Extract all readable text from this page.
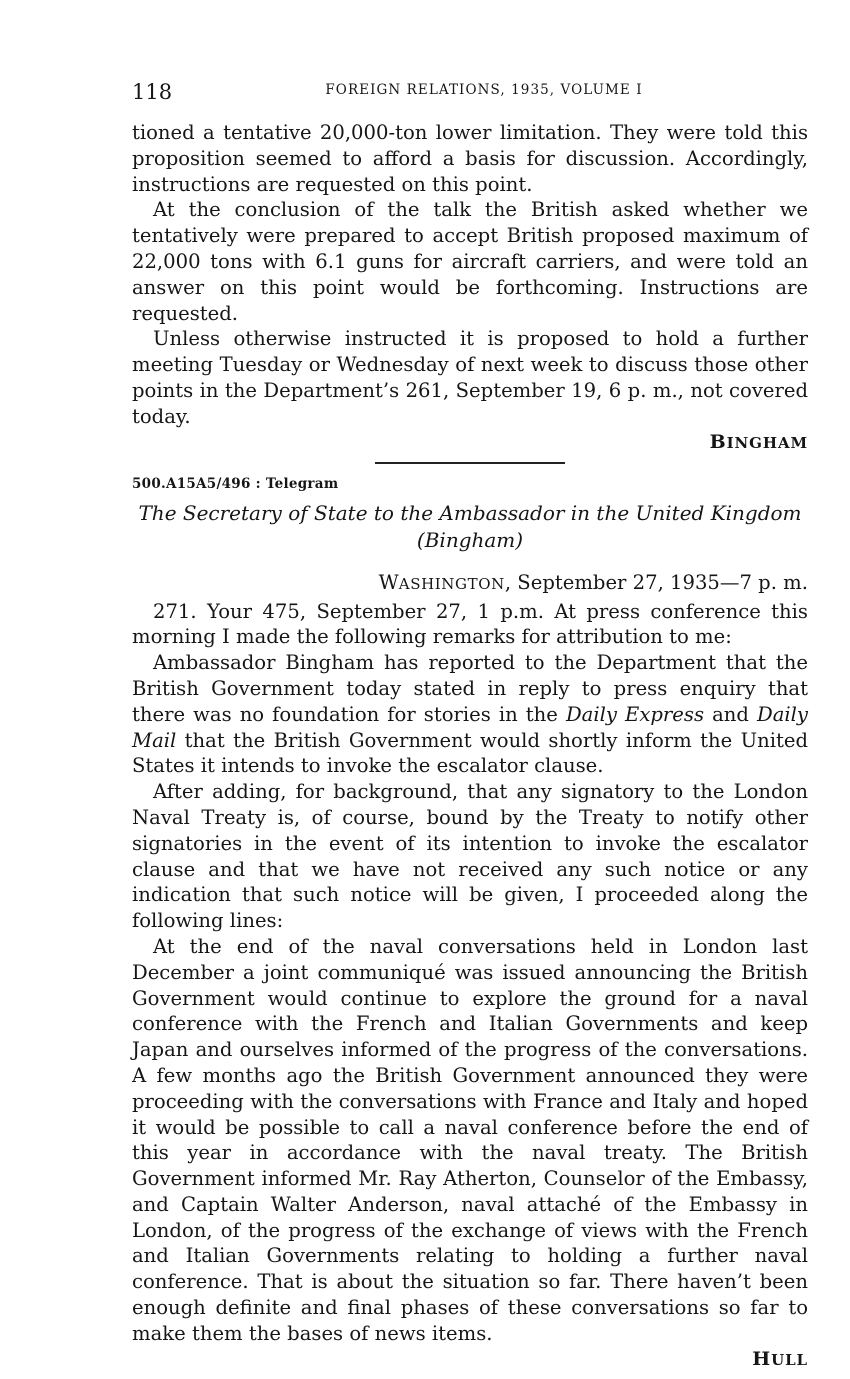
118	FOREIGN RELATIONS, 1935, VOLUME I

tioned a tentative 20,000-ton lower limitation. They were told this proposition seemed to afford a basis for discussion. Accordingly, instructions are requested on this point.

At the conclusion of the talk the British asked whether we tentatively were prepared to accept British proposed maximum of 22,000 tons with 6.1 guns for aircraft carriers, and were told an answer on this point would be forthcoming. Instructions are requested.

Unless otherwise instructed it is proposed to hold a further meeting Tuesday or Wednesday of next week to discuss those other points in the Department’s 261, September 19, 6 p. m., not covered today.

BINGHAM
500.A15A5/496 : Telegram
The Secretary of State to the Ambassador in the United Kingdom
(Bingham)
WASHINGTON, September 27, 1935—7 p. m.

271. Your 475, September 27, 1 p.m. At press conference this morning I made the following remarks for attribution to me:

Ambassador Bingham has reported to the Department that the British Government today stated in reply to press enquiry that there was no foundation for stories in the Daily Express and Daily Mail that the British Government would shortly inform the United States it intends to invoke the escalator clause.

After adding, for background, that any signatory to the London Naval Treaty is, of course, bound by the Treaty to notify other signatories in the event of its intention to invoke the escalator clause and that we have not received any such notice or any indication that such notice will be given, I proceeded along the following lines:

At the end of the naval conversations held in London last December a joint communiqué was issued announcing the British Government would continue to explore the ground for a naval conference with the French and Italian Governments and keep Japan and ourselves informed of the progress of the conversations. A few months ago the British Government announced they were proceeding with the conversations with France and Italy and hoped it would be possible to call a naval conference before the end of this year in accordance with the naval treaty. The British Government informed Mr. Ray Atherton, Counselor of the Embassy, and Captain Walter Anderson, naval attaché of the Embassy in London, of the progress of the exchange of views with the French and Italian Governments relating to holding a further naval conference. That is about the situation so far. There haven’t been enough definite and final phases of these conversations so far to make them the bases of news items.

HULL
